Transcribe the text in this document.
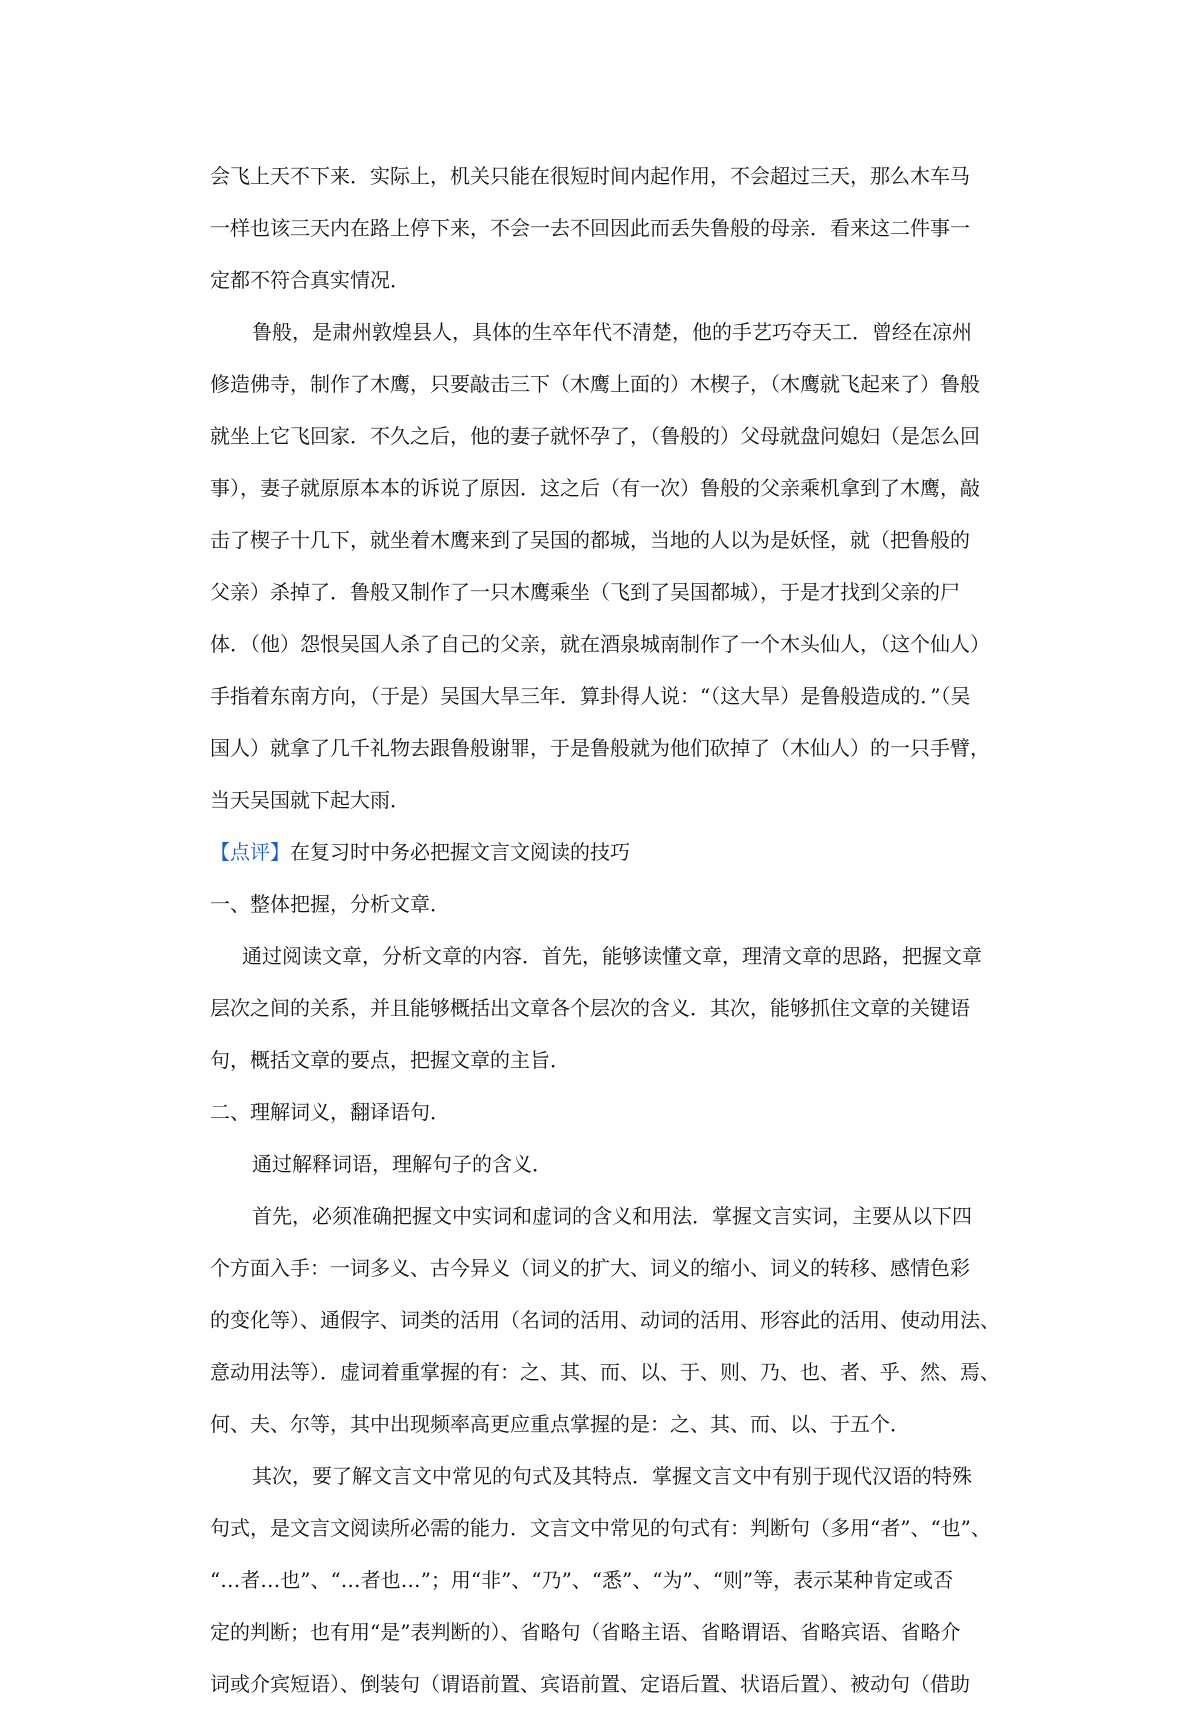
会飞上天不下来．实际上，机关只能在很短时间内起作用，不会超过三天，那么木车马
一样也该三天内在路上停下来，不会一去不回因此而丢失鲁般的母亲．看来这二件事一
定都不符合真实情况．
鲁般，是肃州敦煌县人，具体的生卒年代不清楚，他的手艺巧夺天工．曾经在凉州
修造佛寺，制作了木鹰，只要敲击三下（木鹰上面的）木楔子，（木鹰就飞起来了）鲁般
就坐上它飞回家．不久之后，他的妻子就怀孕了，（鲁般的）父母就盘问媳妇（是怎么回
事），妻子就原原本本的诉说了原因．这之后（有一次）鲁般的父亲乘机拿到了木鹰，敲
击了楔子十几下，就坐着木鹰来到了吴国的都城，当地的人以为是妖怪，就（把鲁般的
父亲）杀掉了．鲁般又制作了一只木鹰乘坐（飞到了吴国都城），于是才找到父亲的尸
体．（他）怨恨吴国人杀了自己的父亲，就在酒泉城南制作了一个木头仙人，（这个仙人）
手指着东南方向，（于是）吴国大旱三年．算卦得人说：“（这大旱）是鲁般造成的．”（吴
国人）就拿了几千礼物去跟鲁般谢罪，于是鲁般就为他们砍掉了（木仙人）的一只手臂，
当天吴国就下起大雨．
【点评】在复习时中务必把握文言文阅读的技巧
一、整体把握，分析文章．
通过阅读文章，分析文章的内容．首先，能够读懂文章，理清文章的思路，把握文章
层次之间的关系，并且能够概括出文章各个层次的含义．其次，能够抓住文章的关键语
句，概括文章的要点，把握文章的主旨．
二、理解词义，翻译语句．
通过解释词语，理解句子的含义．
首先，必须准确把握文中实词和虚词的含义和用法．掌握文言实词，主要从以下四
个方面入手：一词多义、古今异义（词义的扩大、词义的缩小、词义的转移、感情色彩
的变化等）、通假字、词类的活用（名词的活用、动词的活用、形容此的活用、使动用法、
意动用法等）．虚词着重掌握的有：之、其、而、以、于、则、乃、也、者、乎、然、焉、
何、夫、尔等，其中出现频率高更应重点掌握的是：之、其、而、以、于五个．
其次，要了解文言文中常见的句式及其特点．掌握文言文中有别于现代汉语的特殊
句式，是文言文阅读所必需的能力．文言文中常见的句式有：判断句（多用“者”、“也”、
“…者…也”、“…者也…”；用“非”、“乃”、“悉”、“为”、“则”等，表示某种肯定或否
定的判断；也有用“是”表判断的）、省略句（省略主语、省略谓语、省略宾语、省略介
词或介宾短语）、倒装句（谓语前置、宾语前置、定语后置、状语后置）、被动句（借助
